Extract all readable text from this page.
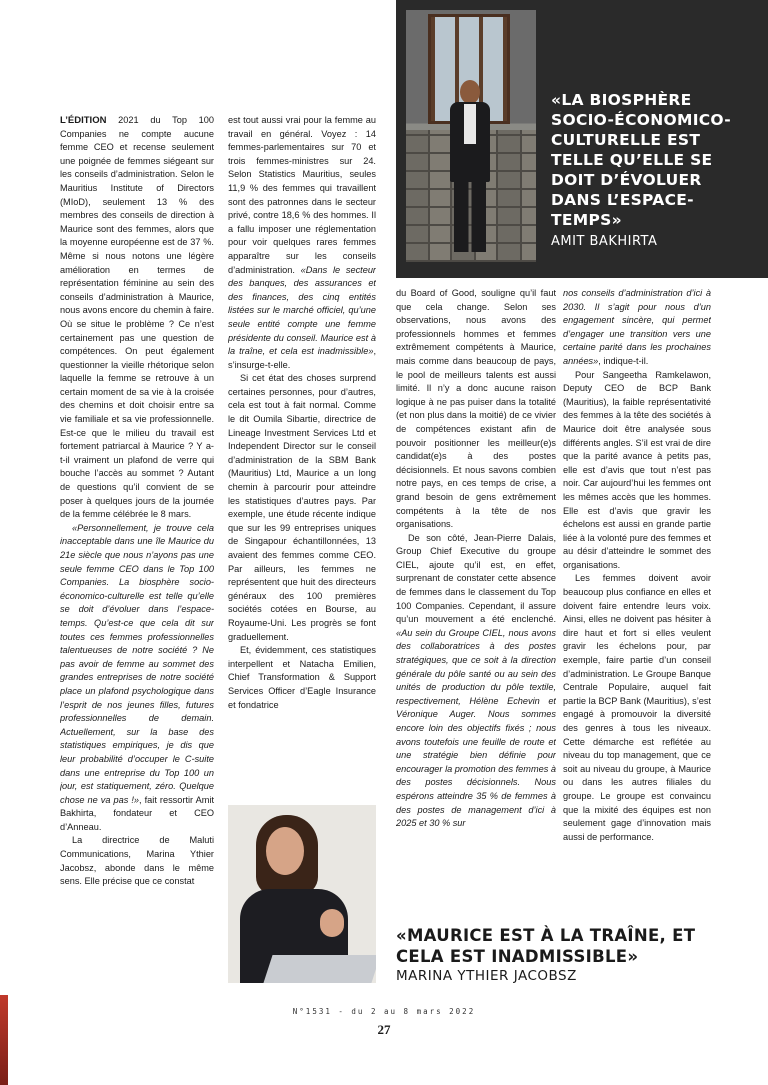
«LA BIOSPHÈRE SOCIO-ÉCONOMICO-CULTURELLE EST TELLE QU’ELLE SE DOIT D’ÉVOLUER DANS L’ESPACE-TEMPS»
AMIT BAKHIRTA

L’ÉDITION 2021 du Top 100 Companies ne compte aucune femme CEO et recense seulement une poignée de femmes siégeant sur les conseils d’administration. Selon le Mauritius Institute of Directors (MIoD), seulement 13 % des membres des conseils de direction à Maurice sont des femmes, alors que la moyenne européenne est de 37 %. Même si nous notons une légère amélioration en termes de représentation féminine au sein des conseils d’administration à Maurice, nous avons encore du chemin à faire. Où se situe le problème ? Ce n’est certainement pas une question de compétences. On peut également questionner la vieille rhétorique selon laquelle la femme se retrouve à un certain moment de sa vie à la croisée des chemins et doit choisir entre sa vie familiale et sa vie professionnelle. Est-ce que le milieu du travail est fortement patriarcal à Maurice ? Y a-t-il vraiment un plafond de verre qui bouche l’accès au sommet ? Autant de questions qu’il convient de se poser à quelques jours de la journée de la femme célébrée le 8 mars.

«Personnellement, je trouve cela inacceptable dans une île Maurice du 21e siècle que nous n’ayons pas une seule femme CEO dans le Top 100 Companies. La biosphère socio-économico-culturelle est telle qu’elle se doit d’évoluer dans l’espace-temps. Qu’est-ce que cela dit sur toutes ces femmes professionnelles talentueuses de notre société ? Ne pas avoir de femme au sommet des grandes entreprises de notre société place un plafond psychologique dans l’esprit de nos jeunes filles, futures professionnelles de demain. Actuellement, sur la base des statistiques empiriques, je dis que leur probabilité d’occuper le C-suite dans une entreprise du Top 100 un jour, est statiquement, zéro. Quelque chose ne va pas !», fait ressortir Amit Bakhirta, fondateur et CEO d’Anneau.

La directrice de Maluti Communications, Marina Ythier Jacobsz, abonde dans le même sens. Elle précise que ce constat

est tout aussi vrai pour la femme au travail en général. Voyez : 14 femmes-parlementaires sur 70 et trois femmes-ministres sur 24. Selon Statistics Mauritius, seules 11,9 % des femmes qui travaillent sont des patronnes dans le secteur privé, contre 18,6 % des hommes. Il a fallu imposer une réglementation pour voir quelques rares femmes apparaître sur les conseils d’administration. «Dans le secteur des banques, des assurances et des finances, des cinq entités listées sur le marché officiel, qu’une seule entité compte une femme présidente du conseil. Maurice est à la traîne, et cela est inadmissible», s’insurge-t-elle.

Si cet état des choses surprend certaines personnes, pour d’autres, cela est tout à fait normal. Comme le dit Oumila Sibartie, directrice de Lineage Investment Services Ltd et Independent Director sur le conseil d’administration de la SBM Bank (Mauritius) Ltd, Maurice a un long chemin à parcourir pour atteindre les statistiques d’autres pays. Par exemple, une étude récente indique que sur les 99 entreprises uniques de Singapour échantillonnées, 13 avaient des femmes comme CEO. Par ailleurs, les femmes ne représentent que huit des directeurs généraux des 100 premières sociétés cotées en Bourse, au Royaume-Uni. Les progrès se font graduellement.

Et, évidemment, ces statistiques interpellent et Natacha Emilien, Chief Transformation & Support Services Officer d’Eagle Insurance et fondatrice

du Board of Good, souligne qu’il faut que cela change. Selon ses observations, nous avons des professionnels hommes et femmes extrêmement compétents à Maurice, mais comme dans beaucoup de pays, le pool de meilleurs talents est aussi limité. Il n’y a donc aucune raison logique à ne pas puiser dans la totalité (et non plus dans la moitié) de ce vivier de compétences existant afin de pouvoir positionner les meilleur(e)s candidat(e)s à des postes décisionnels. Et nous savons combien notre pays, en ces temps de crise, a grand besoin de gens extrêmement compétents à la tête de nos organisations.

De son côté, Jean-Pierre Dalais, Group Chief Executive du groupe CIEL, ajoute qu’il est, en effet, surprenant de constater cette absence de femmes dans le classement du Top 100 Companies. Cependant, il assure qu’un mouvement a été enclenché. «Au sein du Groupe CIEL, nous avons des collaboratrices à des postes stratégiques, que ce soit à la direction générale du pôle santé ou au sein des unités de production du pôle textile, respectivement, Hélène Echevin et Véronique Auger. Nous sommes encore loin des objectifs fixés ; nous avons toutefois une feuille de route et une stratégie bien définie pour encourager la promotion des femmes à des postes décisionnels. Nous espérons atteindre 35 % de femmes à des postes de management d’ici à 2025 et 30 % sur

nos conseils d’administration d’ici à 2030. Il s’agit pour nous d’un engagement sincère, qui permet d’engager une transition vers une certaine parité dans les prochaines années», indique-t-il.

Pour Sangeetha Ramkelawon, Deputy CEO de BCP Bank (Mauritius), la faible représentativité des femmes à la tête des sociétés à Maurice doit être analysée sous différents angles. S’il est vrai de dire que la parité avance à petits pas, elle est d’avis que tout n’est pas noir. Car aujourd’hui les femmes ont les mêmes accès que les hommes. Elle est d’avis que gravir les échelons est aussi en grande partie liée à la volonté pure des femmes et au désir d’atteindre le sommet des organisations.

Les femmes doivent avoir beaucoup plus confiance en elles et doivent faire entendre leurs voix. Ainsi, elles ne doivent pas hésiter à dire haut et fort si elles veulent gravir les échelons pour, par exemple, faire partie d’un conseil d’administration. Le Groupe Banque Centrale Populaire, auquel fait partie la BCP Bank (Mauritius), s’est engagé à promouvoir la diversité des genres à tous les niveaux. Cette démarche est reflétée au niveau du top management, que ce soit au niveau du groupe, à Maurice ou dans les autres filiales du groupe. Le groupe est convaincu que la mixité des équipes est non seulement gage d’innovation mais aussi de performance.

«MAURICE EST À LA TRAÎNE, ET CELA EST INADMISSIBLE»
MARINA YTHIER JACOBSZ
N°1531 - du 2 au 8 mars 2022
27
